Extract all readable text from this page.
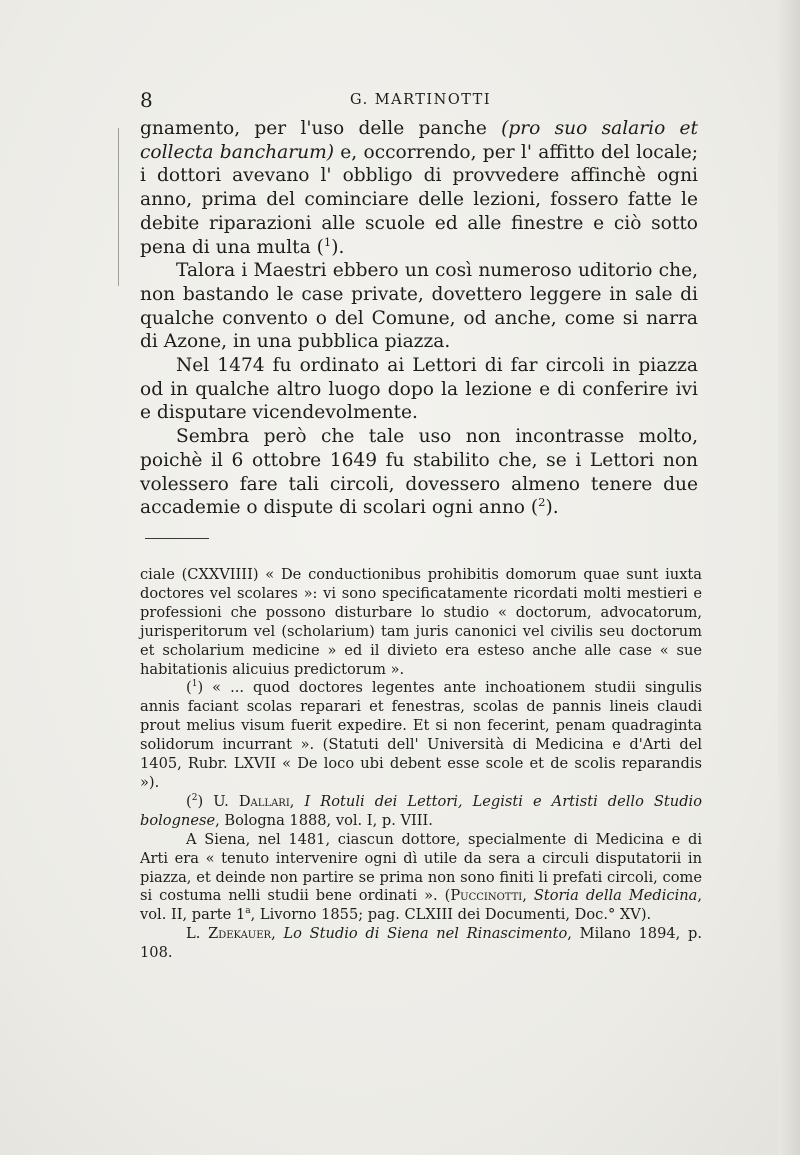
8	G. MARTINOTTI

gnamento, per l'uso delle panche (pro suo salario et collecta bancharum) e, occorrendo, per l' affitto del locale; i dottori avevano l' obbligo di provvedere affinchè ogni anno, prima del cominciare delle lezioni, fossero fatte le debite riparazioni alle scuole ed alle finestre e ciò sotto pena di una multa ($^1$).

Talora i Maestri ebbero un così numeroso uditorio che, non bastando le case private, dovettero leggere in sale di qualche convento o del Comune, od anche, come si narra di Azone, in una pubblica piazza.

Nel 1474 fu ordinato ai Lettori di far circoli in piazza od in qualche altro luogo dopo la lezione e di conferire ivi e disputare vicendevolmente.

Sembra però che tale uso non incontrasse molto, poichè il 6 ottobre 1649 fu stabilito che, se i Lettori non volessero fare tali circoli, dovessero almeno tenere due accademie o dispute di scolari ogni anno ($^2$).

ciale (CXXVIIII) « De conductionibus prohibitis domorum quae sunt iuxta doctores vel scolares »: vi sono specificatamente ricordati molti mestieri e professioni che possono disturbare lo studio « doctorum, advocatorum, jurisperitorum vel (scholarium) tam juris canonici vel civilis seu doctorum et scholarium medicine » ed il divieto era esteso anche alle case « sue habitationis alicuius predictorum ».

($^1$) « ... quod doctores legentes ante inchoationem studii singulis annis faciant scolas reparari et fenestras, scolas de pannis lineis claudi prout melius visum fuerit expedire. Et si non fecerint, penam quadraginta solidorum incurrant ». (Statuti dell' Università di Medicina e d'Arti del 1405, Rubr. LXVII « De loco ubi debent esse scole et de scolis reparandis »).

($^2$) U. Dallari, I Rotuli dei Lettori, Legisti e Artisti dello Studio bolognese, Bologna 1888, vol. I, p. VIII.

A Siena, nel 1481, ciascun dottore, specialmente di Medicina e di Arti era « tenuto intervenire ogni dì utile da sera a circuli disputatorii in piazza, et deinde non partire se prima non sono finiti li prefati circoli, come si costuma nelli studii bene ordinati ». (Puccinotti, Storia della Medicina, vol. II, parte 1$^a$, Livorno 1855; pag. CLXIII dei Documenti, Doc.° XV).

L. Zdekauer, Lo Studio di Siena nel Rinascimento, Milano 1894, p. 108.
